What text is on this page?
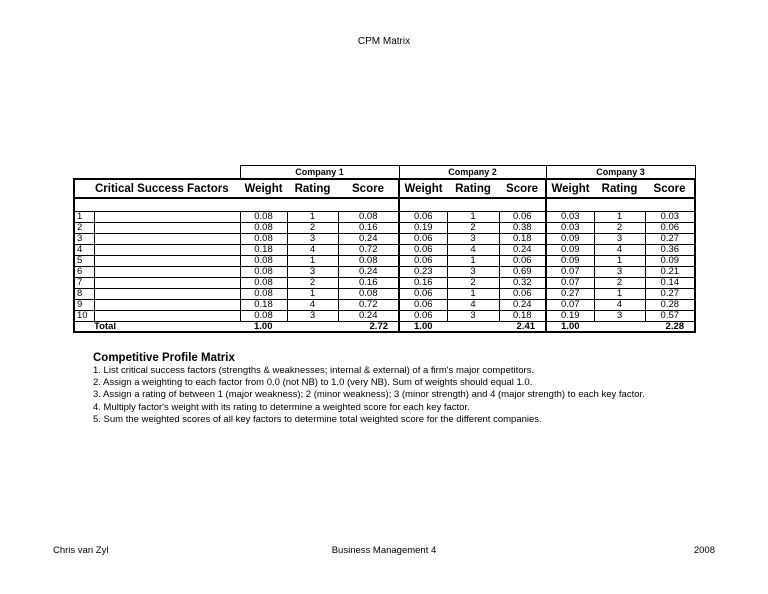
CPM Matrix
		Company 1			Company 2			Company 3		
Critical Success Factors		Weight	Rating	Score	Weight	Rating	Score	Weight	Rating	Score

1		0.08	1	0.08	0.06	1	0.06	0.03	1	0.03
2		0.08	2	0.16	0.19	2	0.38	0.03	2	0.06
3		0.08	3	0.24	0.06	3	0.18	0.09	3	0.27
4		0.18	4	0.72	0.06	4	0.24	0.09	4	0.36
5		0.08	1	0.08	0.06	1	0.06	0.09	1	0.09
6		0.08	3	0.24	0.23	3	0.69	0.07	3	0.21
7		0.08	2	0.16	0.16	2	0.32	0.07	2	0.14
8		0.08	1	0.08	0.06	1	0.06	0.27	1	0.27
9		0.18	4	0.72	0.06	4	0.24	0.07	4	0.28
10		0.08	3	0.24	0.06	3	0.18	0.19	3	0.57
	Total	1.00		2.72	1.00		2.41	1.00		2.28
Competitive Profile Matrix
1. List critical success factors (strengths & weaknesses; internal & external) of a firm's major competitors.
2. Assign a weighting to each factor from 0.0 (not NB) to 1.0 (very NB). Sum of weights should equal 1.0.
3. Assign a rating of between 1 (major weakness); 2 (minor weakness); 3 (minor strength) and 4 (major strength) to each key factor.
4. Multiply factor's weight with its rating to determine a weighted score for each key factor.
5. Sum the weighted scores of all key factors to determine total weighted score for the different companies.
Chris van Zyl	Business Management 4	2008
